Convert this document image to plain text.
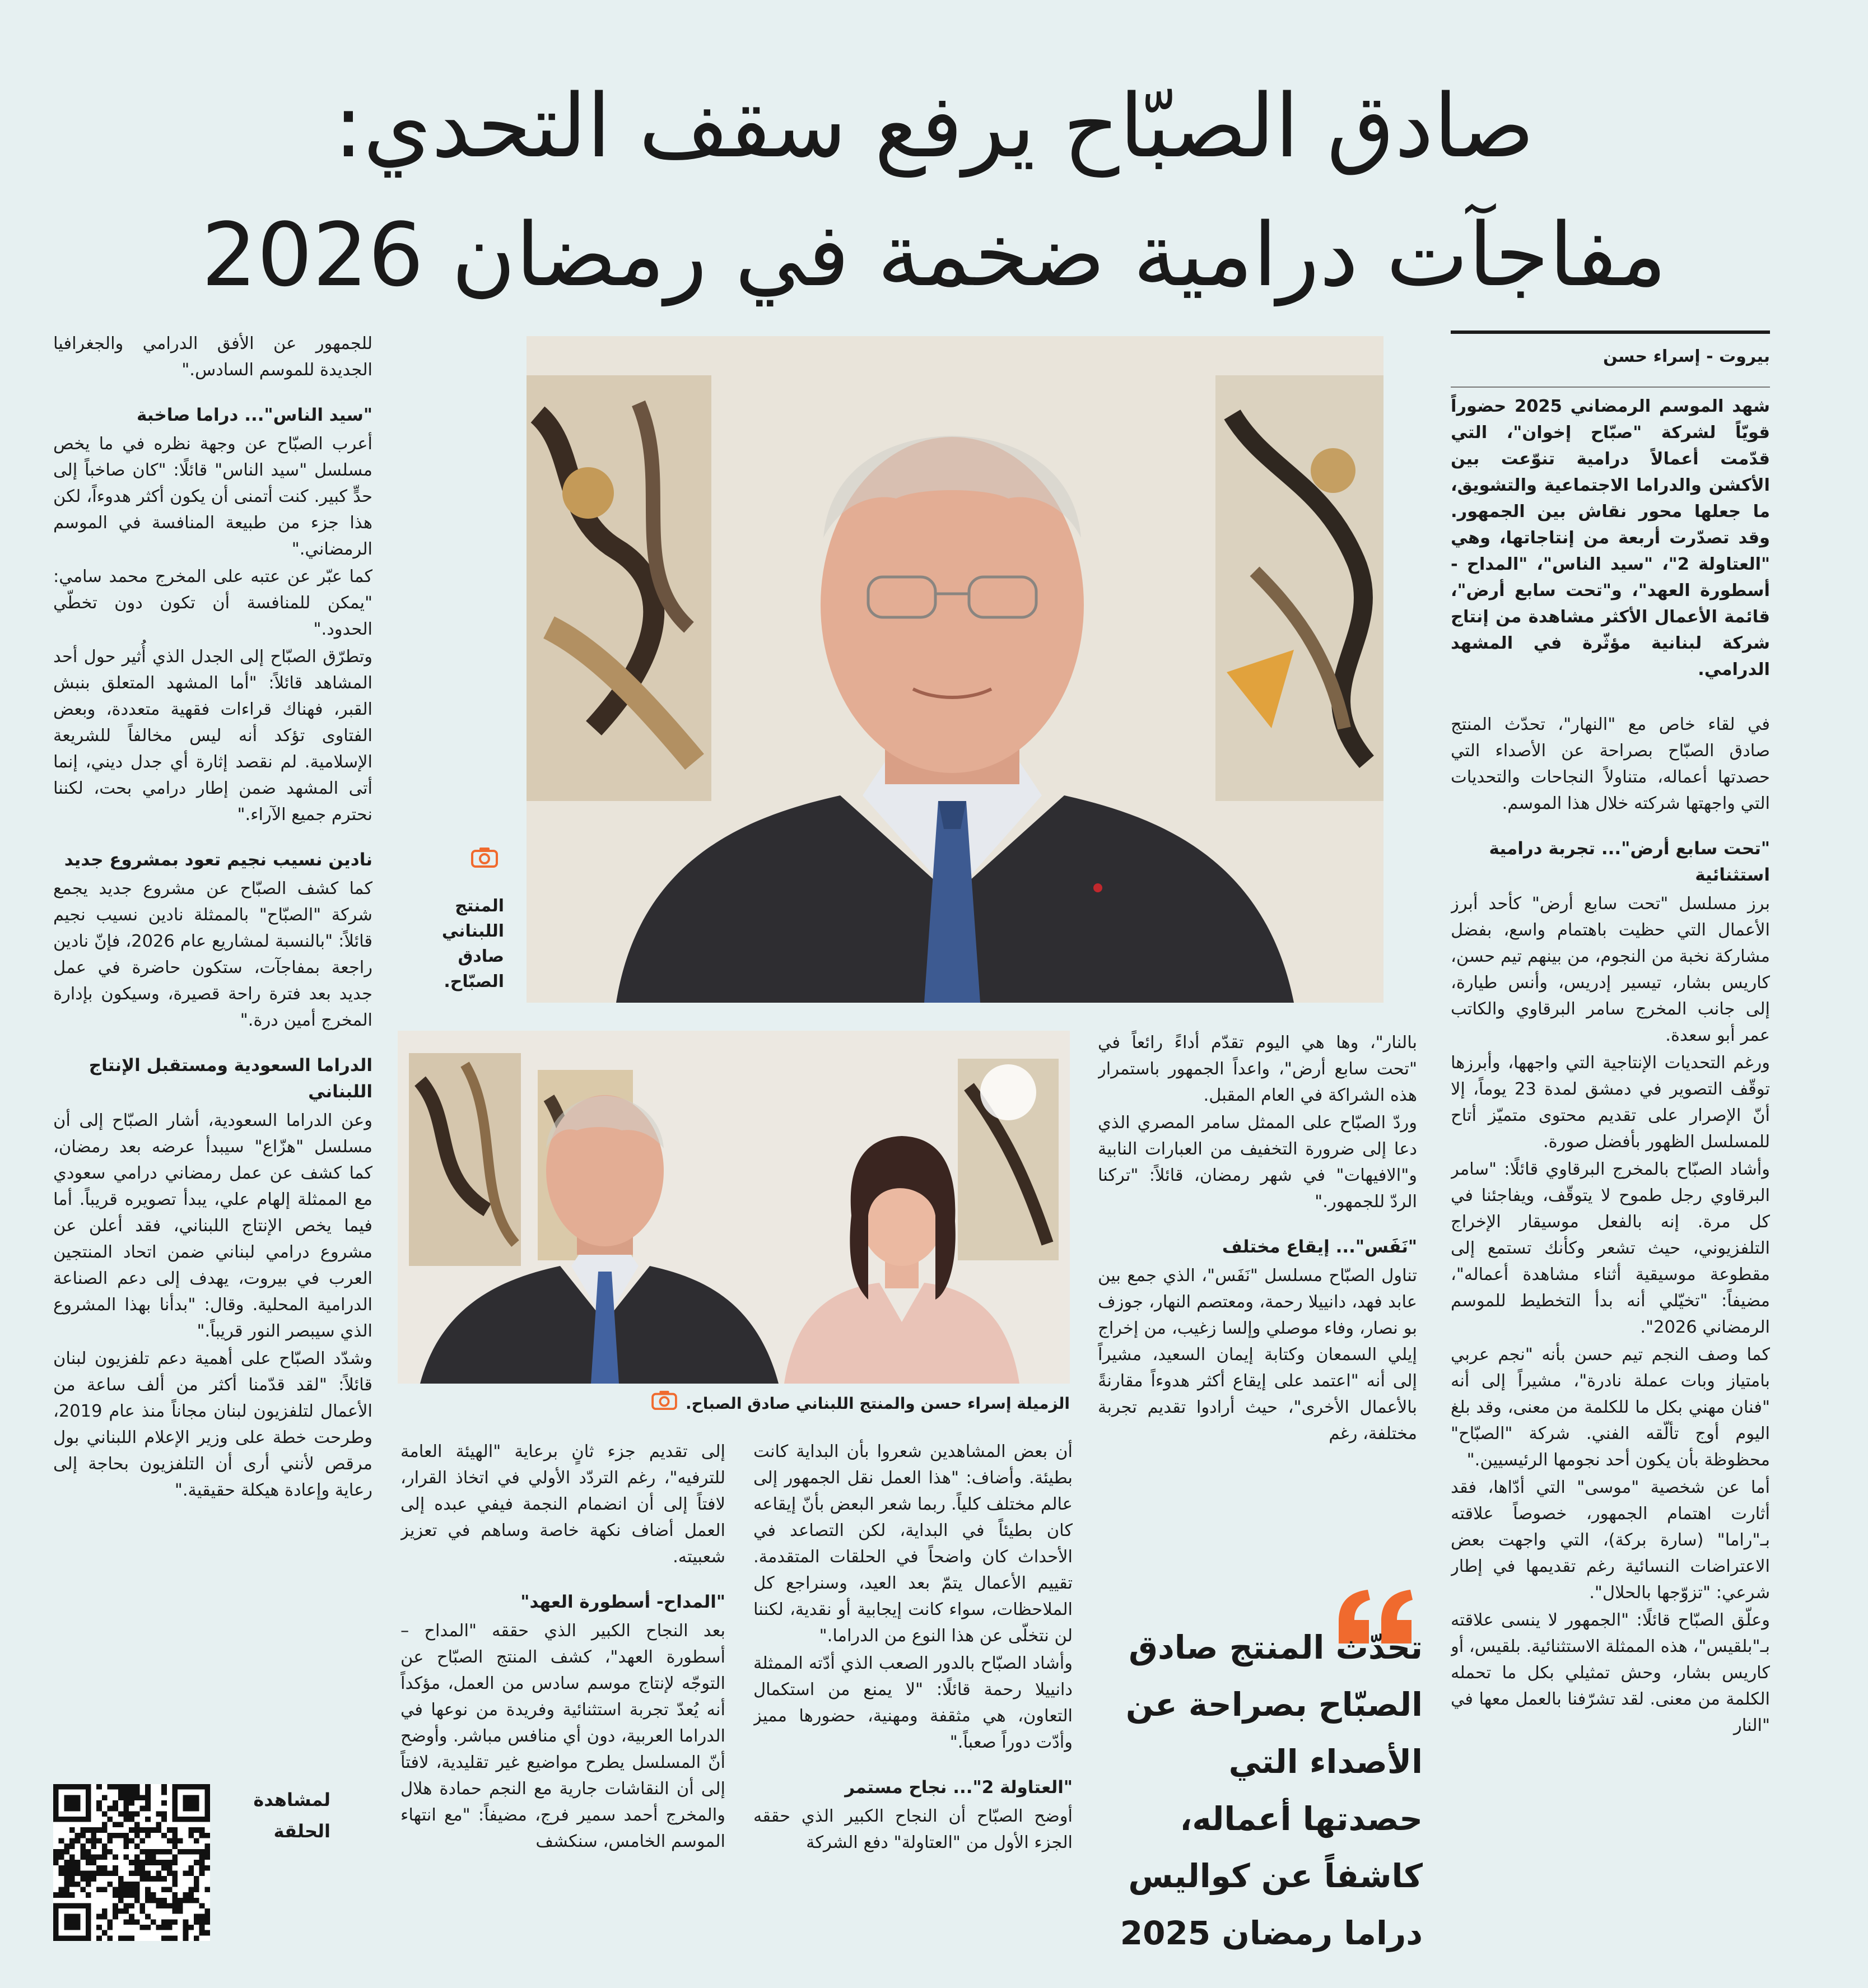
صادق الصبّاح يرفع سقف التحدي:
مفاجآت درامية ضخمة في رمضان 2026
بيروت - إسراء حسن
شهد الموسم الرمضاني 2025 حضوراً قويّاً لشركة "صبّاح إخوان"، التي قدّمت أعمالاً درامية تنوّعت بين الأكشن والدراما الاجتماعية والتشويق، ما جعلها محور نقاش بين الجمهور. وقد تصدّرت أربعة من إنتاجاتها، وهي "العتاولة 2"، "سيد الناس"، "المداح - أسطورة العهد"، و"تحت سابع أرض"، قائمة الأعمال الأكثر مشاهدة من إنتاج شركة لبنانية مؤثّرة في المشهد الدرامي.

في لقاء خاص مع "النهار"، تحدّث المنتج صادق الصبّاح بصراحة عن الأصداء التي حصدتها أعماله، متناولاً النجاحات والتحديات التي واجهتها شركته خلال هذا الموسم.

"تحت سابع أرض"... تجربة درامية استثنائية

برز مسلسل "تحت سابع أرض" كأحد أبرز الأعمال التي حظيت باهتمام واسع، بفضل مشاركة نخبة من النجوم، من بينهم تيم حسن، كاريس بشار، تيسير إدريس، وأنس طيارة، إلى جانب المخرج سامر البرقاوي والكاتب عمر أبو سعدة.

ورغم التحديات الإنتاجية التي واجهها، وأبرزها توقّف التصوير في دمشق لمدة 23 يوماً، إلا أنّ الإصرار على تقديم محتوى متميّز أتاح للمسلسل الظهور بأفضل صورة.

وأشاد الصبّاح بالمخرج البرقاوي قائلًا: "سامر البرقاوي رجل طموح لا يتوقّف، ويفاجئنا في كل مرة. إنه بالفعل موسيقار الإخراج التلفزيوني، حيث تشعر وكأنك تستمع إلى مقطوعة موسيقية أثناء مشاهدة أعماله"، مضيفاً: "تخيّلي أنه بدأ التخطيط للموسم الرمضاني 2026".

كما وصف النجم تيم حسن بأنه "نجم عربي بامتياز وبات عملة نادرة"، مشيراً إلى أنه "فنان مهني بكل ما للكلمة من معنى، وقد بلغ اليوم أوج تألّقه الفني. شركة "الصبّاح" محظوظة بأن يكون أحد نجومها الرئيسيين."

أما عن شخصية "موسى" التي أدّاها، فقد أثارت اهتمام الجمهور، خصوصاً علاقته بـ"راما" (سارة بركة)، التي واجهت بعض الاعتراضات النسائية رغم تقديمها في إطار شرعي: "تزوّجها بالحلال".

وعلّق الصبّاح قائلًا: "الجمهور لا ينسى علاقته بـ"بلقيس"، هذه الممثلة الاستثنائية. بلقيس، أو كاريس بشار، وحش تمثيلي بكل ما تحمله الكلمة من معنى. لقد تشرّفنا بالعمل معها في "النار

المنتج اللبناني صادق الصبّاح.
الزميلة إسراء حسن والمنتج اللبناني صادق الصباح.

بالنار"، وها هي اليوم تقدّم أداءً رائعاً في "تحت سابع أرض"، واعداً الجمهور باستمرار هذه الشراكة في العام المقبل.

وردّ الصبّاح على الممثل سامر المصري الذي دعا إلى ضرورة التخفيف من العبارات النابية و"الافيهات" في شهر رمضان، قائلاً: "تركنا الردّ للجمهور."

"نَفَس"... إيقاع مختلف

تناول الصبّاح مسلسل "نَفَس"، الذي جمع بين عابد فهد، دانييلا رحمة، ومعتصم النهار، جوزف بو نصار، وفاء موصلي وإلسا زغيب، من إخراج إيلي السمعان وكتابة إيمان السعيد، مشيراً إلى أنه "اعتمد على إيقاع أكثر هدوءاً مقارنةً بالأعمال الأخرى"، حيث أرادوا تقديم تجربة مختلفة، رغم

تحدّث المنتج صادق الصبّاح بصراحة عن الأصداء التي حصدتها أعماله، كاشفاً عن كواليس دراما رمضان 2025

أن بعض المشاهدين شعروا بأن البداية كانت بطيئة. وأضاف: "هذا العمل نقل الجمهور إلى عالم مختلف كلياً. ربما شعر البعض بأنّ إيقاعه كان بطيئاً في البداية، لكن التصاعد في الأحداث كان واضحاً في الحلقات المتقدمة. تقييم الأعمال يتمّ بعد العيد، وسنراجع كل الملاحظات، سواء كانت إيجابية أو نقدية، لكننا لن نتخلّى عن هذا النوع من الدراما."

وأشاد الصبّاح بالدور الصعب الذي أدّته الممثلة دانييلا رحمة قائلًا: "لا يمنع من استكمال التعاون، هي مثقفة ومهنية، حضورها مميز وأدّت دوراً صعباً."

"العتاولة 2"... نجاح مستمر

أوضح الصبّاح أن النجاح الكبير الذي حققه الجزء الأول من "العتاولة" دفع الشركة

إلى تقديم جزء ثانٍ برعاية "الهيئة العامة للترفيه"، رغم التردّد الأولي في اتخاذ القرار، لافتاً إلى أن انضمام النجمة فيفي عبده إلى العمل أضاف نكهة خاصة وساهم في تعزيز شعبيته.

"المداح- أسطورة العهد"

بعد النجاح الكبير الذي حققه "المداح – أسطورة العهد"، كشف المنتج الصبّاح عن التوجّه لإنتاج موسم سادس من العمل، مؤكداً أنه يُعدّ تجربة استثنائية وفريدة من نوعها في الدراما العربية، دون أي منافس مباشر. وأوضح أنّ المسلسل يطرح مواضيع غير تقليدية، لافتاً إلى أن النقاشات جارية مع النجم حمادة هلال والمخرج أحمد سمير فرج، مضيفاً: "مع انتهاء الموسم الخامس، سنكشف

للجمهور عن الأفق الدرامي والجغرافيا الجديدة للموسم السادس."

"سيد الناس"... دراما صاخبة

أعرب الصبّاح عن وجهة نظره في ما يخص مسلسل "سيد الناس" قائلًا: "كان صاخباً إلى حدٍّ كبير. كنت أتمنى أن يكون أكثر هدوءاً، لكن هذا جزء من طبيعة المنافسة في الموسم الرمضاني."

كما عبّر عن عتبه على المخرج محمد سامي: "يمكن للمنافسة أن تكون دون تخطّي الحدود."

وتطرّق الصبّاح إلى الجدل الذي أُثير حول أحد المشاهد قائلاً: "أما المشهد المتعلق بنبش القبر، فهناك قراءات فقهية متعددة، وبعض الفتاوى تؤكد أنه ليس مخالفاً للشريعة الإسلامية. لم نقصد إثارة أي جدل ديني، إنما أتى المشهد ضمن إطار درامي بحت، لكننا نحترم جميع الآراء."

نادين نسيب نجيم تعود بمشروع جديد

كما كشف الصبّاح عن مشروع جديد يجمع شركة "الصبّاح" بالممثلة نادين نسيب نجيم قائلاً: "بالنسبة لمشاريع عام 2026، فإنّ نادين راجعة بمفاجآت، ستكون حاضرة في عمل جديد بعد فترة راحة قصيرة، وسيكون بإدارة المخرج أمين درة."

الدراما السعودية ومستقبل الإنتاج اللبناني

وعن الدراما السعودية، أشار الصبّاح إلى أن مسلسل "هزّاع" سيبدأ عرضه بعد رمضان، كما كشف عن عمل رمضاني درامي سعودي مع الممثلة إلهام علي، يبدأ تصويره قريباً. أما فيما يخص الإنتاج اللبناني، فقد أعلن عن مشروع درامي لبناني ضمن اتحاد المنتجين العرب في بيروت، يهدف إلى دعم الصناعة الدرامية المحلية. وقال: "بدأنا بهذا المشروع الذي سيبصر النور قريباً."

وشدّد الصبّاح على أهمية دعم تلفزيون لبنان قائلاً: "لقد قدّمنا أكثر من ألف ساعة من الأعمال لتلفزيون لبنان مجاناً منذ عام 2019، وطرحت خطة على وزير الإعلام اللبناني بول مرقص لأنني أرى أن التلفزيون بحاجة إلى رعاية وإعادة هيكلة حقيقية."

لمشاهدة الحلقة
